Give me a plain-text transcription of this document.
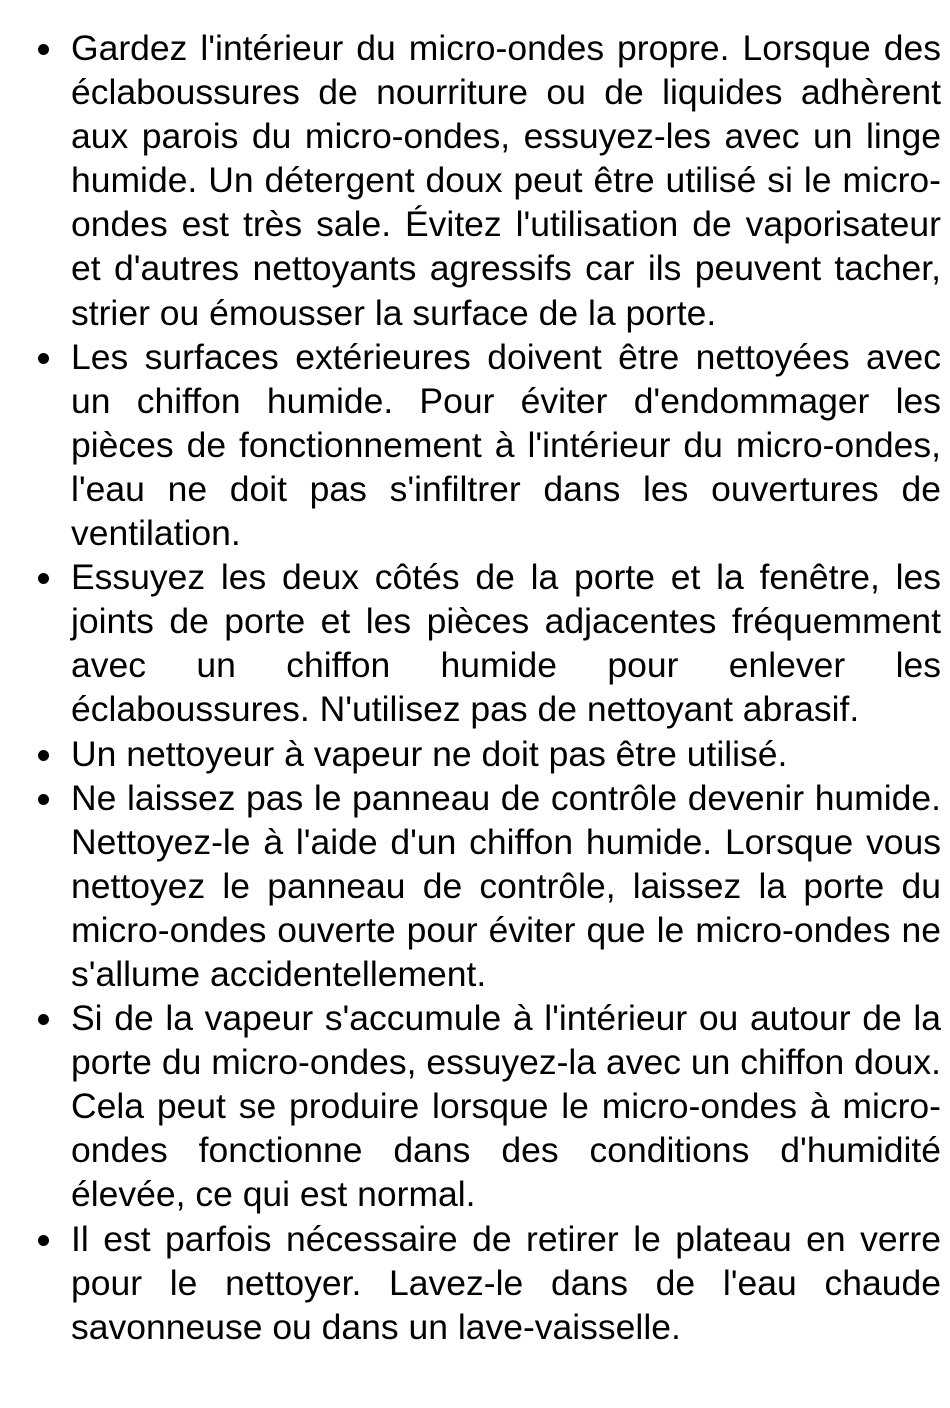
Gardez l'intérieur du micro-ondes propre. Lorsque des éclaboussures de nourriture ou de liquides adhèrent aux parois du micro-ondes, essuyez-les avec un linge humide. Un détergent doux peut être utilisé si le micro-ondes est très sale. Évitez l'utilisation de vaporisateur et d'autres nettoyants agressifs car ils peuvent tacher, strier ou émousser la surface de la porte.
Les surfaces extérieures doivent être nettoyées avec un chiffon humide. Pour éviter d'endommager les pièces de fonctionnement à l'intérieur du micro-ondes, l'eau ne doit pas s'infiltrer dans les ouvertures de ventilation.
Essuyez les deux côtés de la porte et la fenêtre, les joints de porte et les pièces adjacentes fréquemment avec un chiffon humide pour enlever les éclaboussures. N'utilisez pas de nettoyant abrasif.
Un nettoyeur à vapeur ne doit pas être utilisé.
Ne laissez pas le panneau de contrôle devenir humide. Nettoyez-le à l'aide d'un chiffon humide. Lorsque vous nettoyez le panneau de contrôle, laissez la porte du micro-ondes ouverte pour éviter que le micro-ondes ne s'allume accidentellement.
Si de la vapeur s'accumule à l'intérieur ou autour de la porte du micro-ondes, essuyez-la avec un chiffon doux. Cela peut se produire lorsque le micro-ondes à micro-ondes fonctionne dans des conditions d'humidité élevée, ce qui est normal.
Il est parfois nécessaire de retirer le plateau en verre pour le nettoyer. Lavez-le dans de l'eau chaude savonneuse ou dans un lave-vaisselle.
